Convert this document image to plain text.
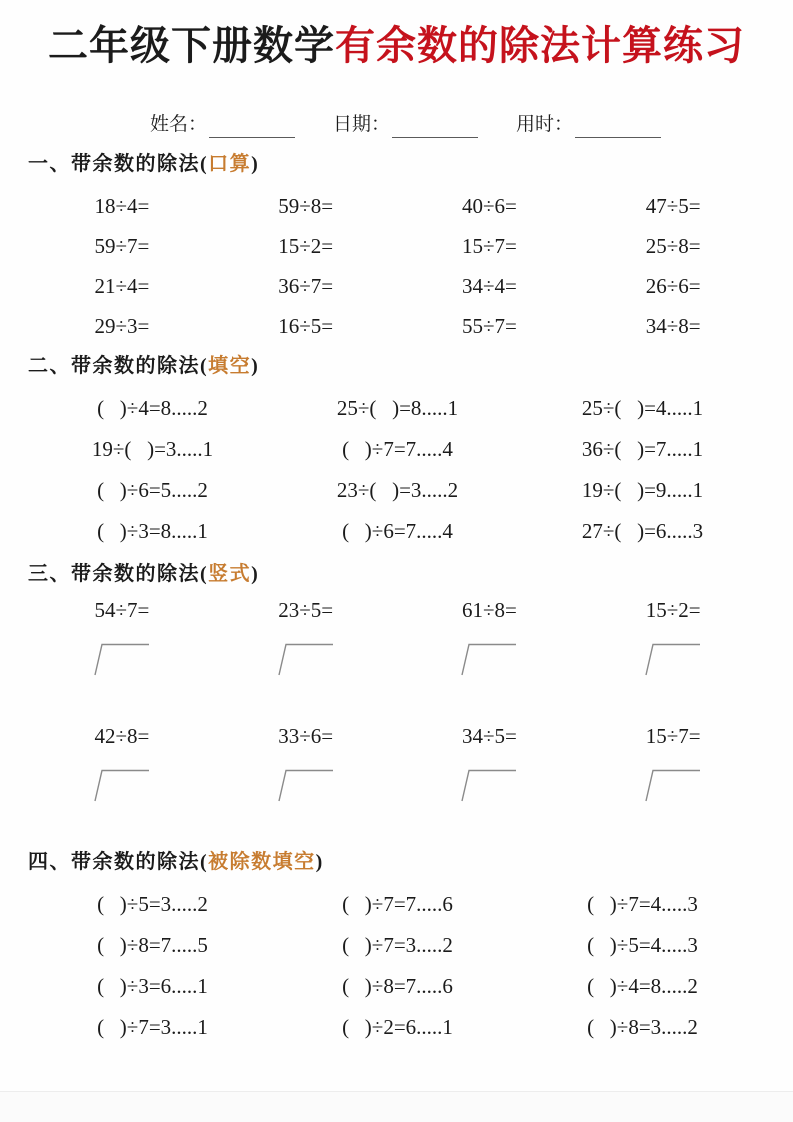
二年级下册数学有余数的除法计算练习
姓名：	日期：	用时：
一、带余数的除法(口算)
18÷4=	59÷8=	40÷6=	47÷5=
59÷7=	15÷2=	15÷7=	25÷8=
21÷4=	36÷7=	34÷4=	26÷6=
29÷3=	16÷5=	55÷7=	34÷8=
二、带余数的除法(填空)
(   )÷4=8.....2	25÷(   )=8.....1	25÷(   )=4.....1
19÷(   )=3.....1	(   )÷7=7.....4	36÷(   )=7.....1
(   )÷6=5.....2	23÷(   )=3.....2	19÷(   )=9.....1
(   )÷3=8.....1	(   )÷6=7.....4	27÷(   )=6.....3
三、带余数的除法(竖式)
54÷7=	23÷5=	61÷8=	15÷2=
42÷8=	33÷6=	34÷5=	15÷7=
四、带余数的除法(被除数填空)
(   )÷5=3.....2	(   )÷7=7.....6	(   )÷7=4.....3
(   )÷8=7.....5	(   )÷7=3.....2	(   )÷5=4.....3
(   )÷3=6.....1	(   )÷8=7.....6	(   )÷4=8.....2
(   )÷7=3.....1	(   )÷2=6.....1	(   )÷8=3.....2
